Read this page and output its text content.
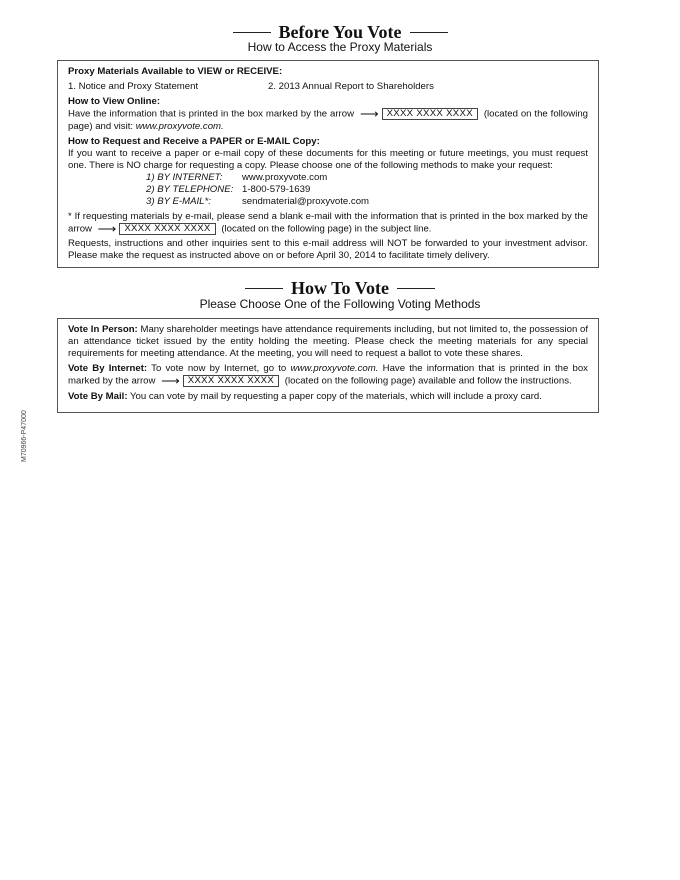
Before You Vote
How to Access the Proxy Materials

Proxy Materials Available to VIEW or RECEIVE:

1. Notice and Proxy Statement	2. 2013 Annual Report to Shareholders

How to View Online:

Have the information that is printed in the box marked by the arrow ⟶ XXXX XXXX XXXX (located on the following page) and visit: www.proxyvote.com.

How to Request and Receive a PAPER or E-MAIL Copy:

If you want to receive a paper or e-mail copy of these documents for this meeting or future meetings, you must request one. There is NO charge for requesting a copy. Please choose one of the following methods to make your request:

1) BY INTERNET:	www.proxyvote.com
2) BY TELEPHONE: 1-800-579-1639
3) BY E-MAIL*:	sendmaterial@proxyvote.com

* If requesting materials by e-mail, please send a blank e-mail with the information that is printed in the box marked by the arrow ⟶ XXXX XXXX XXXX (located on the following page) in the subject line.

Requests, instructions and other inquiries sent to this e-mail address will NOT be forwarded to your investment advisor. Please make the request as instructed above on or before April 30, 2014 to facilitate timely delivery.

How To Vote
Please Choose One of the Following Voting Methods

Vote In Person: Many shareholder meetings have attendance requirements including, but not limited to, the possession of an attendance ticket issued by the entity holding the meeting. Please check the meeting materials for any special requirements for meeting attendance. At the meeting, you will need to request a ballot to vote these shares.

Vote By Internet: To vote now by Internet, go to www.proxyvote.com. Have the information that is printed in the box marked by the arrow ⟶ XXXX XXXX XXXX (located on the following page) available and follow the instructions.

Vote By Mail: You can vote by mail by requesting a paper copy of the materials, which will include a proxy card.

M70966-P47000
